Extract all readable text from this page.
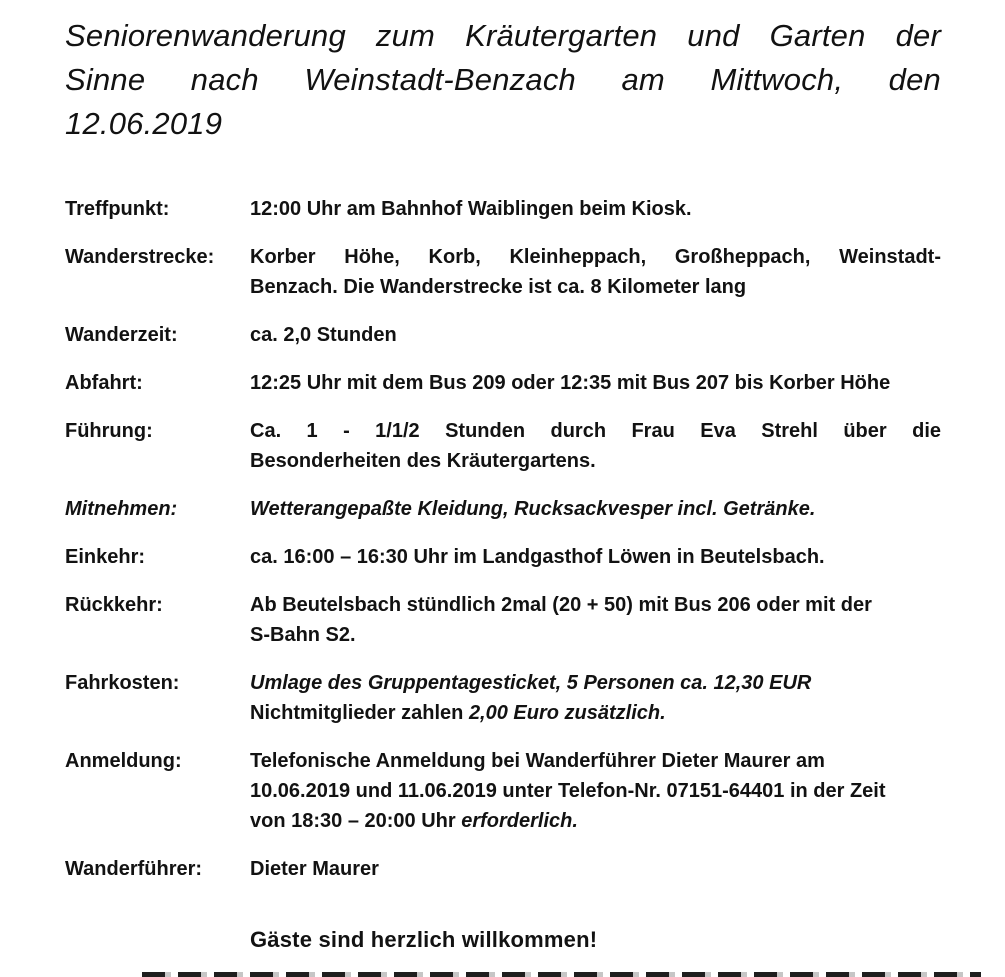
Seniorenwanderung zum Kräutergarten und Garten der
Sinne nach Weinstadt-Benzach am Mittwoch, den
12.06.2019
Treffpunkt:	12:00 Uhr am Bahnhof Waiblingen beim Kiosk.
Wanderstrecke:	Korber Höhe, Korb, Kleinheppach, Großheppach, Weinstadt-
Benzach. Die Wanderstrecke ist ca. 8 Kilometer lang
Wanderzeit:	ca. 2,0 Stunden
Abfahrt:	12:25 Uhr mit dem Bus 209 oder 12:35 mit Bus 207 bis Korber Höhe
Führung:	Ca. 1 - 1/1/2 Stunden durch Frau Eva Strehl über die
Besonderheiten des Kräutergartens.
Mitnehmen:	Wetterangepaßte Kleidung, Rucksackvesper incl. Getränke.
Einkehr:	ca. 16:00 – 16:30 Uhr im Landgasthof Löwen in Beutelsbach.
Rückkehr:	Ab Beutelsbach stündlich 2mal (20 + 50) mit Bus 206 oder mit der
S-Bahn S2.
Fahrkosten:	Umlage des Gruppentagesticket, 5 Personen ca. 12,30 EUR
Nichtmitglieder zahlen 2,00 Euro zusätzlich.
Anmeldung:	Telefonische Anmeldung bei Wanderführer Dieter Maurer am
10.06.2019 und 11.06.2019 unter Telefon-Nr. 07151-64401 in der Zeit
von 18:30 – 20:00 Uhr erforderlich.
Wanderführer:	Dieter Maurer
Gäste sind herzlich willkommen!
